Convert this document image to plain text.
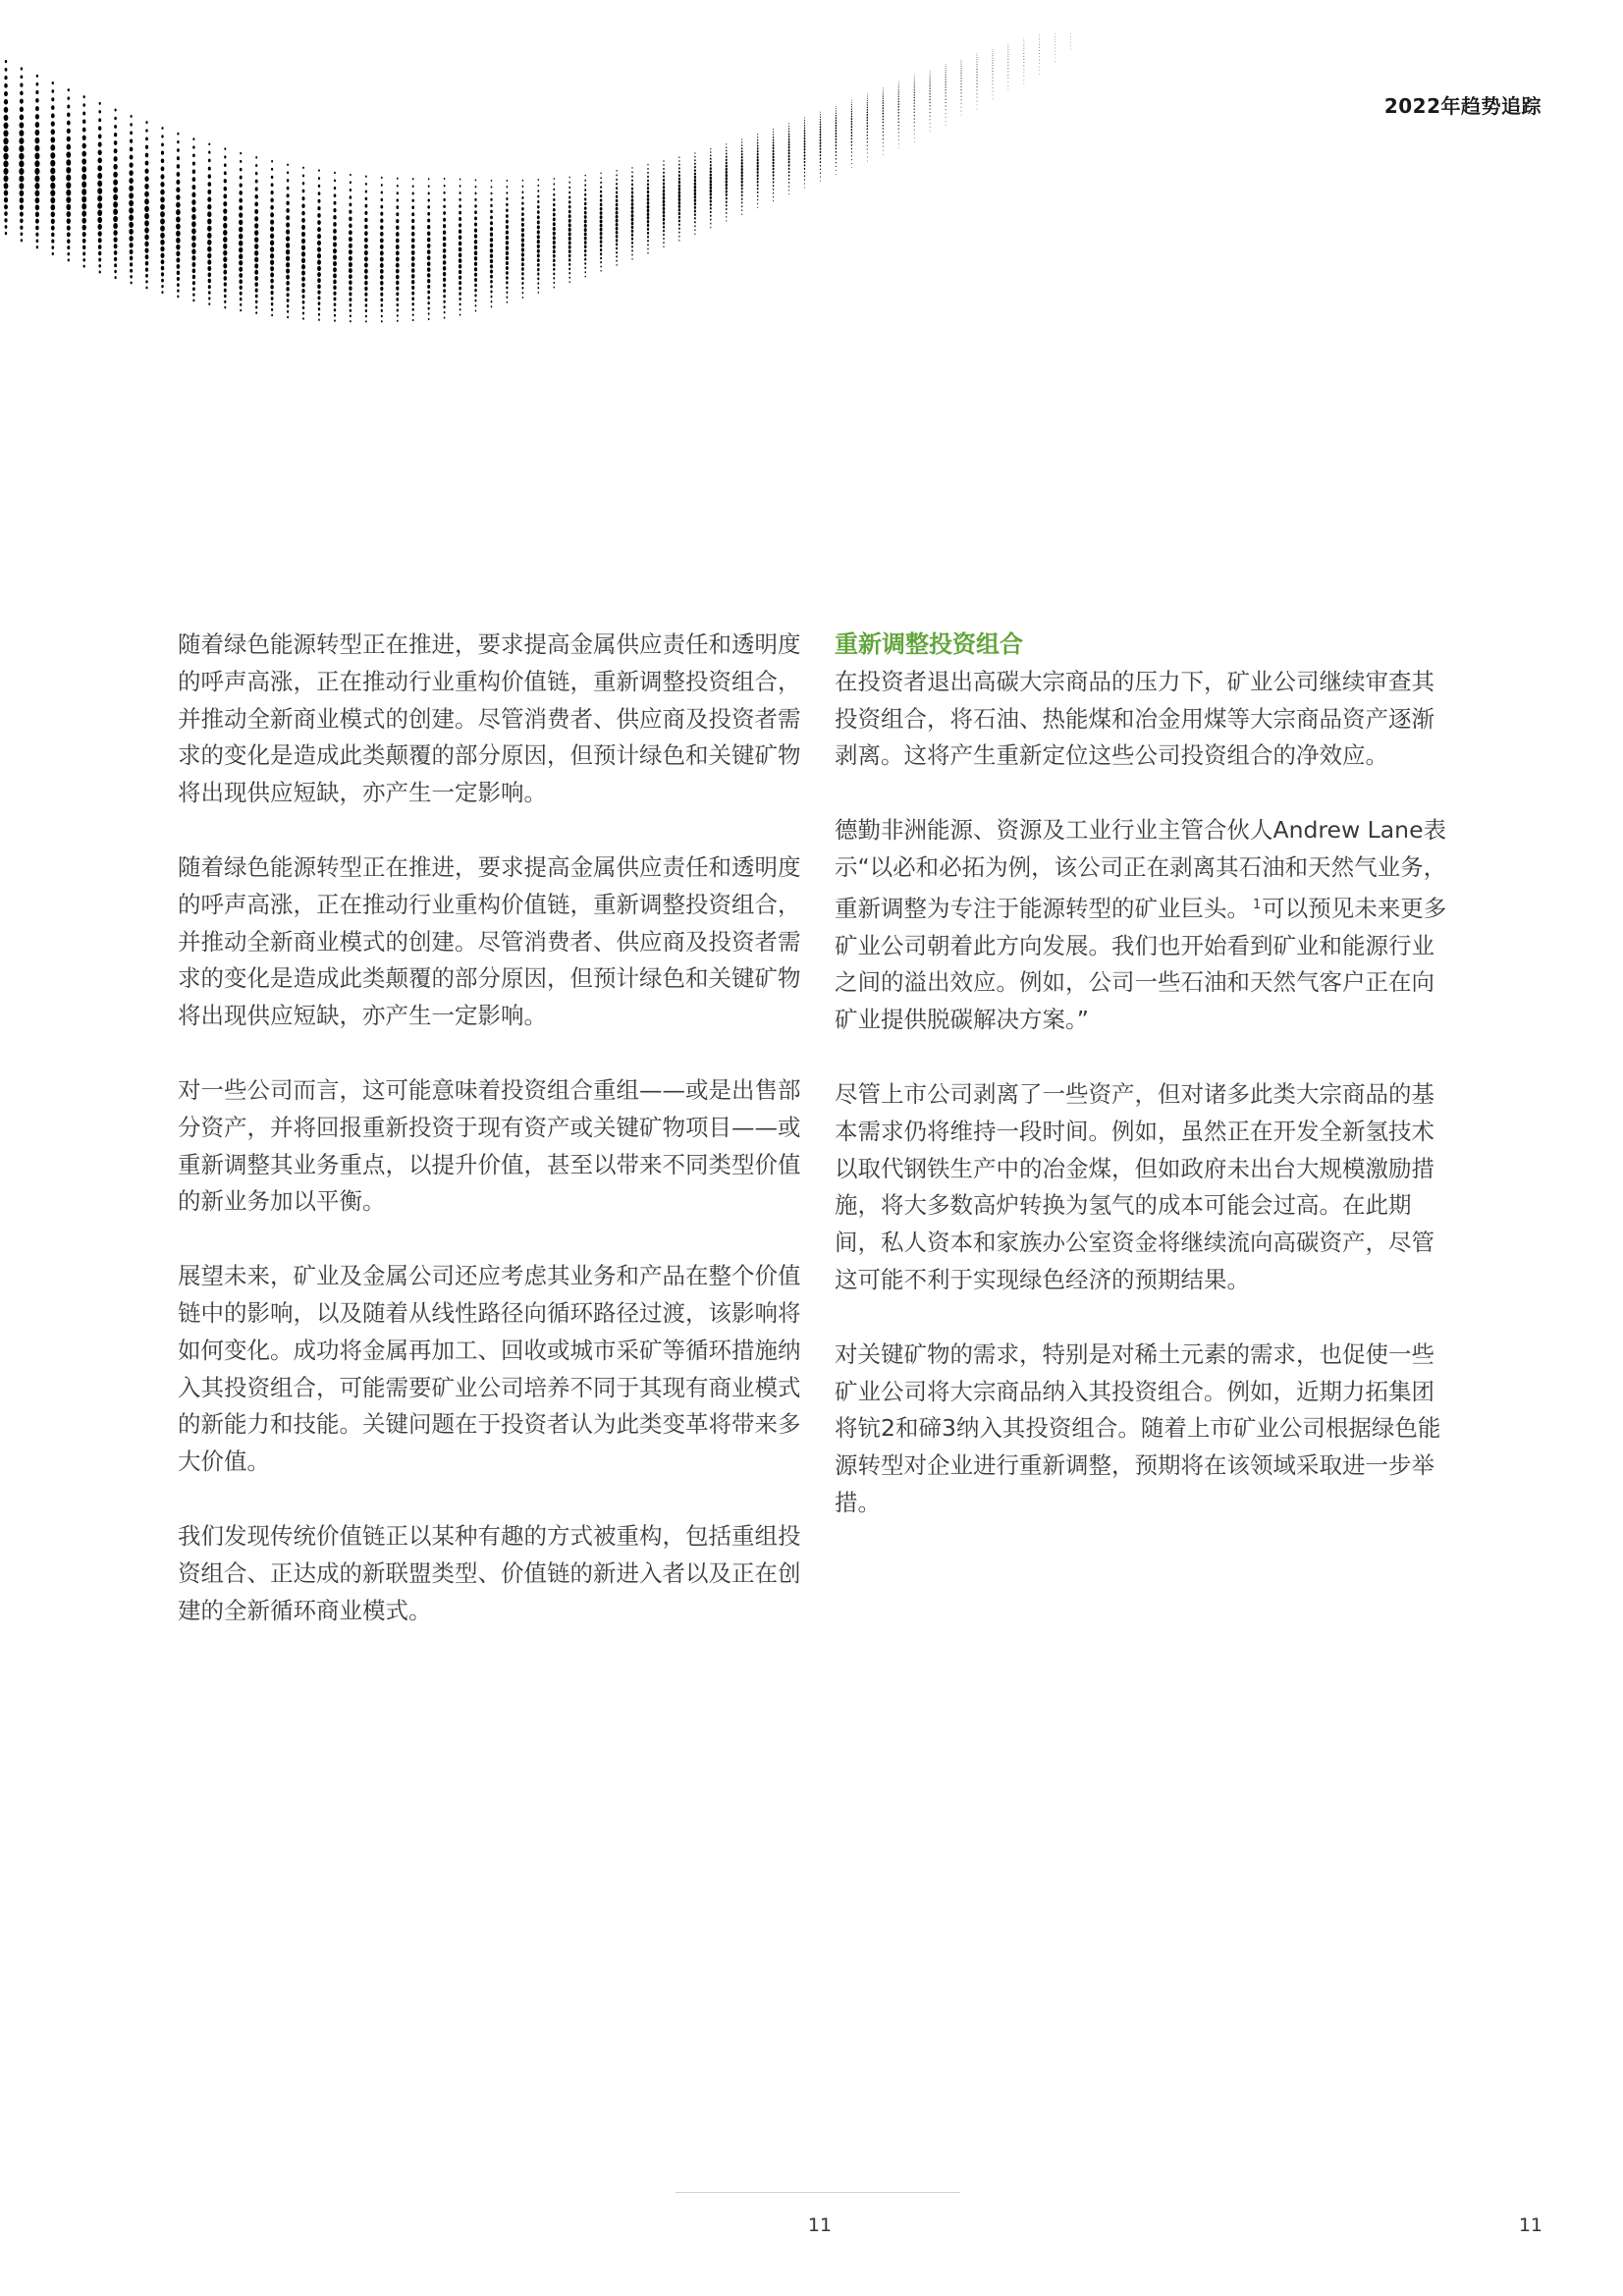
2022年趋势追踪

随着绿色能源转型正在推进，要求提高金属供应责任和透明度的呼声高涨，正在推动行业重构价值链，重新调整投资组合，并推动全新商业模式的创建。尽管消费者、供应商及投资者需求的变化是造成此类颠覆的部分原因，但预计绿色和关键矿物将出现供应短缺，亦产生一定影响。

随着绿色能源转型正在推进，要求提高金属供应责任和透明度的呼声高涨，正在推动行业重构价值链，重新调整投资组合，并推动全新商业模式的创建。尽管消费者、供应商及投资者需求的变化是造成此类颠覆的部分原因，但预计绿色和关键矿物将出现供应短缺，亦产生一定影响。

对一些公司而言，这可能意味着投资组合重组——或是出售部分资产，并将回报重新投资于现有资产或关键矿物项目——或重新调整其业务重点，以提升价值，甚至以带来不同类型价值的新业务加以平衡。

展望未来，矿业及金属公司还应考虑其业务和产品在整个价值链中的影响，以及随着从线性路径向循环路径过渡，该影响将如何变化。成功将金属再加工、回收或城市采矿等循环措施纳入其投资组合，可能需要矿业公司培养不同于其现有商业模式的新能力和技能。关键问题在于投资者认为此类变革将带来多大价值。

我们发现传统价值链正以某种有趣的方式被重构，包括重组投资组合、正达成的新联盟类型、价值链的新进入者以及正在创建的全新循环商业模式。

重新调整投资组合

在投资者退出高碳大宗商品的压力下，矿业公司继续审查其投资组合，将石油、热能煤和冶金用煤等大宗商品资产逐渐剥离。这将产生重新定位这些公司投资组合的净效应。

德勤非洲能源、资源及工业行业主管合伙人Andrew Lane表示“以必和必拓为例，该公司正在剥离其石油和天然气业务，重新调整为专注于能源转型的矿业巨头。 $^1$可以预见未来更多矿业公司朝着此方向发展。我们也开始看到矿业和能源行业之间的溢出效应。例如，公司一些石油和天然气客户正在向矿业提供脱碳解决方案。”

尽管上市公司剥离了一些资产，但对诸多此类大宗商品的基本需求仍将维持一段时间。例如，虽然正在开发全新氢技术以取代钢铁生产中的冶金煤，但如政府未出台大规模激励措施，将大多数高炉转换为氢气的成本可能会过高。在此期间，私人资本和家族办公室资金将继续流向高碳资产，尽管这可能不利于实现绿色经济的预期结果。

对关键矿物的需求，特别是对稀土元素的需求，也促使一些矿业公司将大宗商品纳入其投资组合。例如，近期力拓集团将钪2和碲3纳入其投资组合。随着上市矿业公司根据绿色能源转型对企业进行重新调整，预期将在该领域采取进一步举措。

11	11
